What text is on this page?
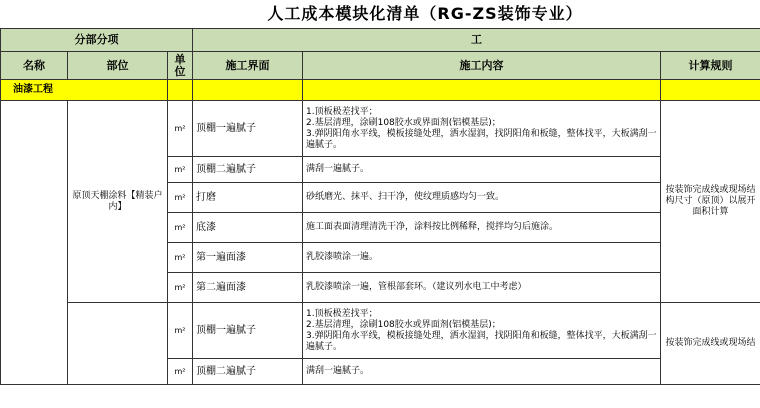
人工成本模块化清单（RG-ZS装饰专业）
分部分项			工		
名称	部位	单位	施工界面	施工内容	计算规则
油漆工程					
	原顶天棚涂料【精装户内】	m²	顶棚一遍腻子	1.顶板极差找平；
2.基层清理，涂刷108胶水或界面剂(铝模基层)；
3.弹阴阳角水平线，模板接缝处理，洒水湿润，找阴阳角和板缝，整体找平，大板满刮一遍腻子。	按装饰完成线或现场结构尺寸（原顶）以展开面积计算
		m²	顶棚二遍腻子	满刮一遍腻子。	

		m²	打磨	砂纸磨光、抹平、扫干净，使纹理质感均匀一致。	

		m²	底漆	施工面表面清理清洗干净，涂料按比例稀释，搅拌均匀后施涂。	

		m²	第一遍面漆	乳胶漆喷涂一遍。	

		m²	第二遍面漆	乳胶漆喷涂一遍，管根部套环。（建议列水电工中考虑）	

		m²	顶棚一遍腻子	1.顶板极差找平；
2.基层清理，涂刷108胶水或界面剂(铝模基层)；
3.弹阴阳角水平线，模板接缝处理，洒水湿润，找阴阳角和板缝，整体找平，大板满刮一遍腻子。	按装饰完成线或现场结
		m²	顶棚二遍腻子	满刮一遍腻子。	
